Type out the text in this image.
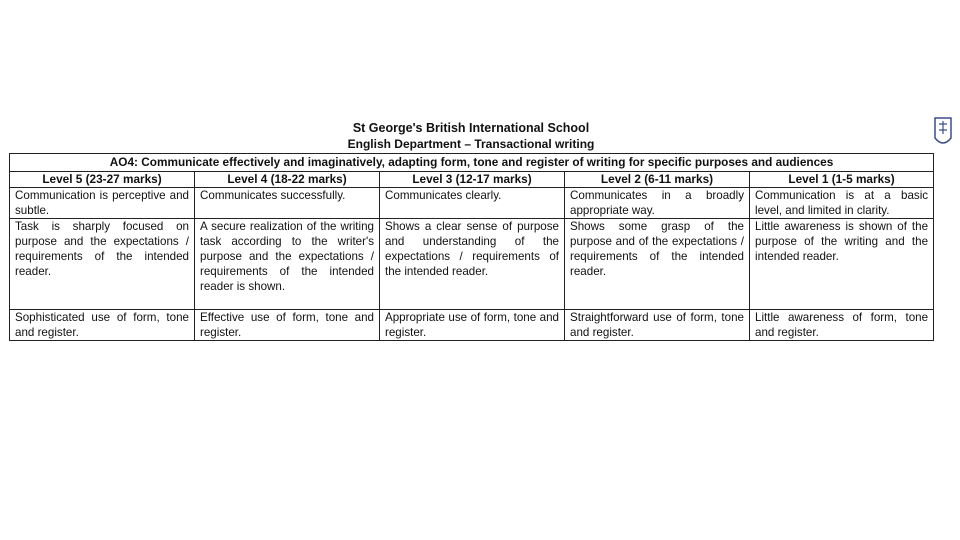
St George's British International School
English Department – Transactional writing
AO4: Communicate effectively and imaginatively, adapting form, tone and register of writing for specific purposes and audiences				
Level 5 (23-27 marks)	Level 4 (18-22 marks)	Level 3 (12-17 marks)	Level 2 (6-11 marks)	Level 1 (1-5 marks)
Communication is perceptive and subtle.	Communicates successfully.	Communicates clearly.	Communicates in a broadly appropriate way.	Communication is at a basic level, and limited in clarity.
Task is sharply focused on purpose and the expectations / requirements of the intended reader.	A secure realization of the writing task according to the writer's purpose and the expectations / requirements of the intended reader is shown.	Shows a clear sense of purpose and understanding of the expectations / requirements of the intended reader.	Shows some grasp of the purpose and of the expectations / requirements of the intended reader.	Little awareness is shown of the purpose of the writing and the intended reader.
Sophisticated use of form, tone and register.	Effective use of form, tone and register.	Appropriate use of form, tone and register.	Straightforward use of form, tone and register.	Little awareness of form, tone and register.
